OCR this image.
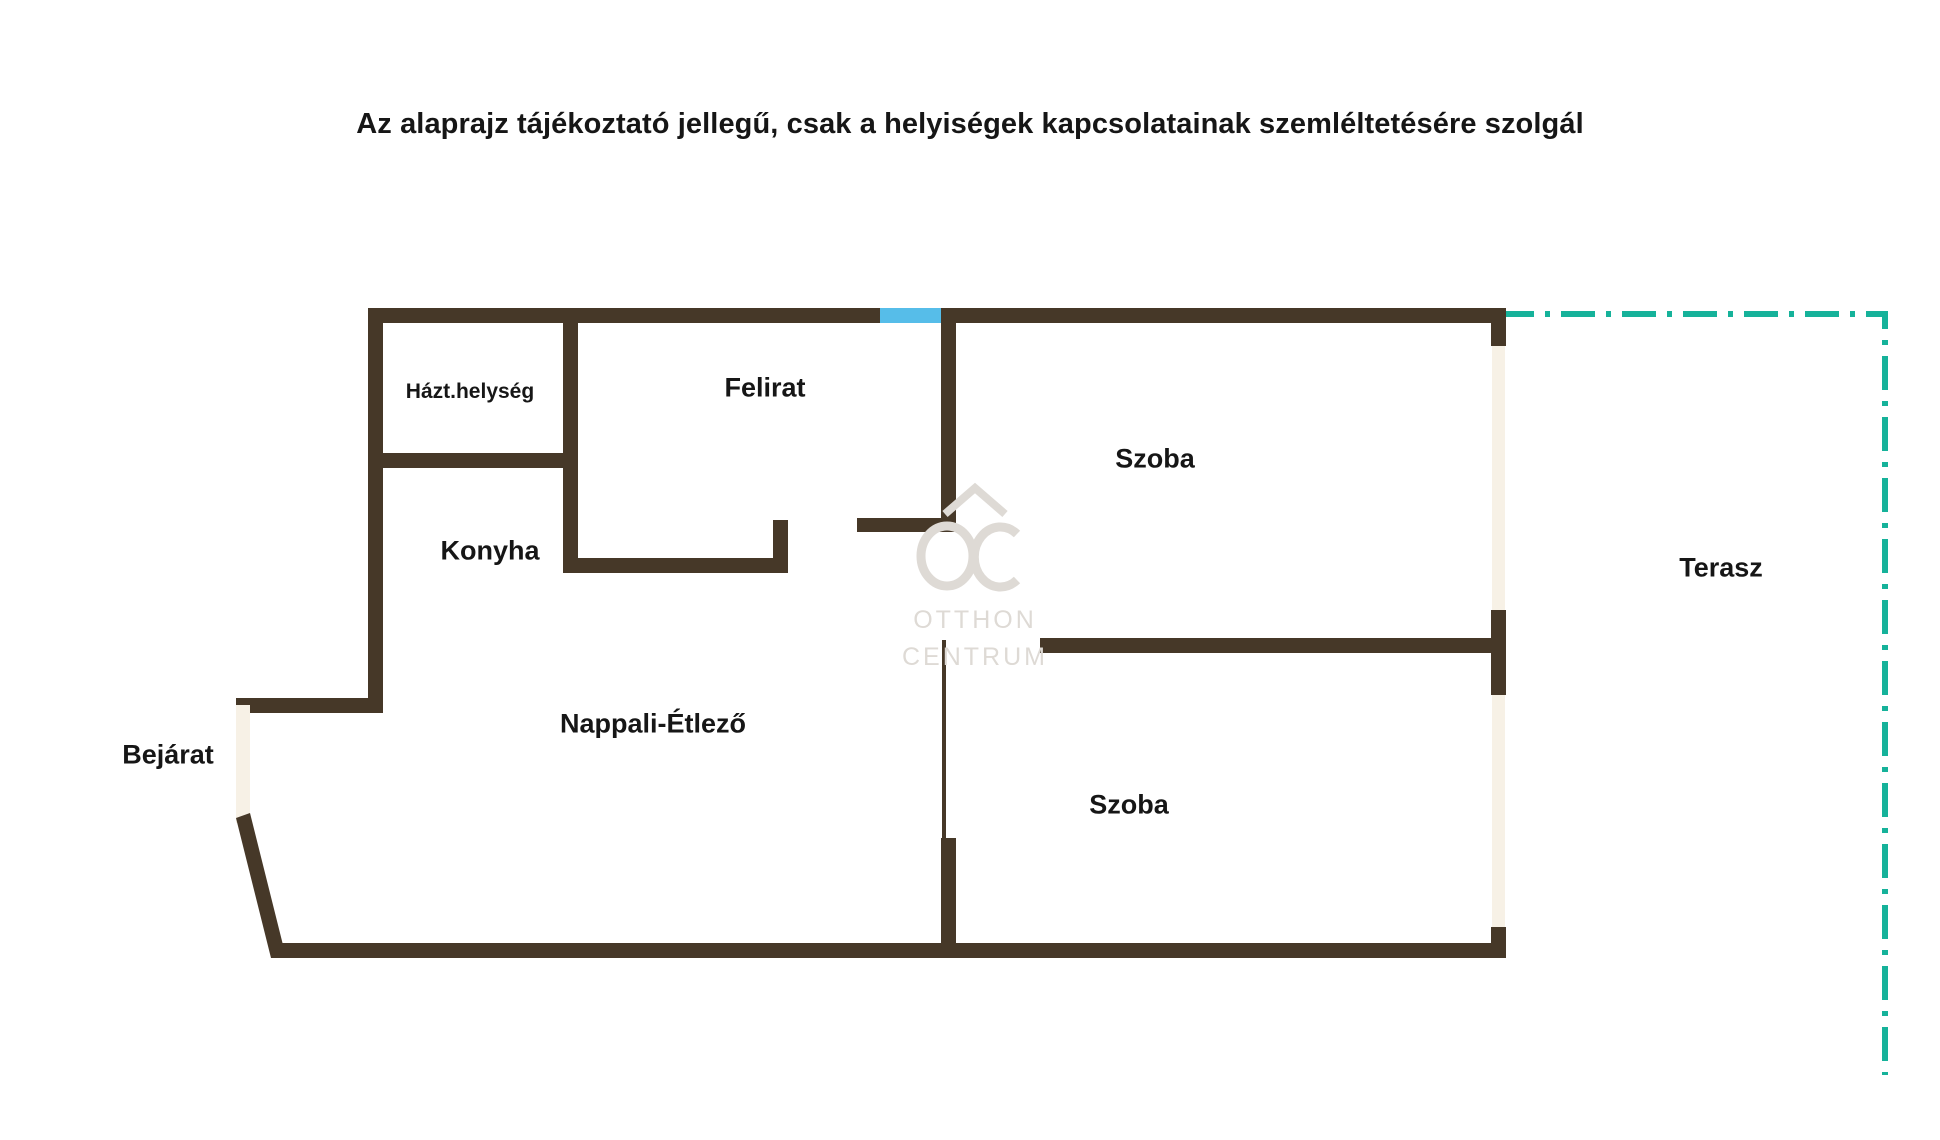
Az alaprajz tájékoztató jellegű, csak a helyiségek kapcsolatainak szemléltetésére szolgál
Házt.helység	Felirat
Konyha
Nappali-Étlező
Szoba
Szoba
Terasz
Bejárat
OTTHON
CENTRUM
